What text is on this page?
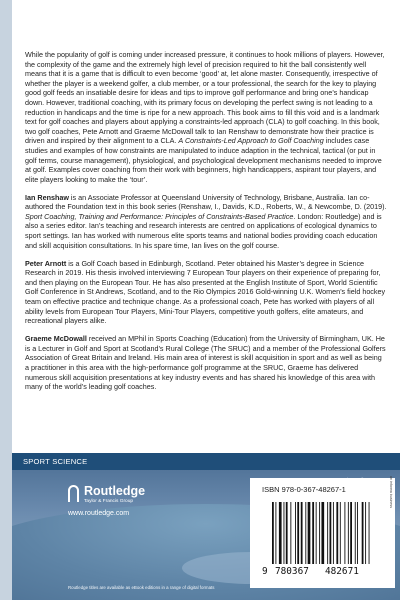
While the popularity of golf is coming under increased pressure, it continues to hook millions of players. However, the complexity of the game and the extremely high level of precision required to hit the ball consistently well means that it is a game that is difficult to even become ‘good’ at, let alone master. Consequently, irrespective of whether the player is a weekend golfer, a club member, or a tour professional, the search for the key to playing good golf feeds an insatiable desire for ideas and tips to improve golf performance and bring one’s handicap down. However, traditional coaching, with its primary focus on developing the perfect swing is not leading to a reduction in handicaps and the time is ripe for a new approach. This book aims to fill this void and is a landmark text for golf coaches and players about applying a constraints-led approach (CLA) to golf coaching. In this book, two golf coaches, Pete Arnott and Graeme McDowall talk to Ian Renshaw to demonstrate how their practice is driven and inspired by their alignment to a CLA. A Constraints-Led Approach to Golf Coaching includes case studies and examples of how constraints are manipulated to induce adaption in the technical, tactical (or put in golf terms, course management), physiological, and psychological development mechanisms needed to improve at golf. Examples cover coaching from their work with beginners, high handicappers, aspirant tour players, and elite players looking to make the ‘tour’.

Ian Renshaw is an Associate Professor at Queensland University of Technology, Brisbane, Australia. Ian co-authored the Foundation text in this book series (Renshaw, I., Davids, K.D., Roberts, W., & Newcombe, D. (2019). Sport Coaching, Training and Performance: Principles of Constraints-Based Practice. London: Routledge) and is also a series editor. Ian’s teaching and research interests are centred on applications of ecological dynamics to sport settings. Ian has worked with numerous elite sports teams and national bodies providing coach education and skill acquisition consultations. In his spare time, Ian lives on the golf course.

Peter Arnott is a Golf Coach based in Edinburgh, Scotland. Peter obtained his Master’s degree in Science Research in 2019. His thesis involved interviewing 7 European Tour players on their experience of preparing for, and then playing on the European Tour. He has also presented at the English Institute of Sport, World Scientific Golf Conference in St Andrews, Scotland, and to the Rio Olympics 2016 Gold-winning U.K. Women’s field hockey team on effective practice and technique change. As a professional coach, Pete has worked with players of all ability levels from European Tour Players, Mini-Tour Players, competitive youth golfers, elite amateurs, and recreational players alike.

Graeme McDowall received an MPhil in Sports Coaching (Education) from the University of Birmingham, UK. He is a Lecturer in Golf and Sport at Scotland’s Rural College (The SRUC) and a member of the Professional Golfers Association of Great Britain and Ireland. His main area of interest is skill acquisition in sport and as well as being a practitioner in this area with the high-performance golf programme at the SRUC, Graeme has delivered numerous skill acquisition presentations at key industry events and has shared his knowledge of this area with many of the world’s leading golf coaches.

SPORT SCIENCE
Routledge
Taylor & Francis Group
www.routledge.com
Routledge titles are available as eBook editions in a range of digital formats
ISBN 978-0-367-48267-1
9 780367 482671
an informa business
